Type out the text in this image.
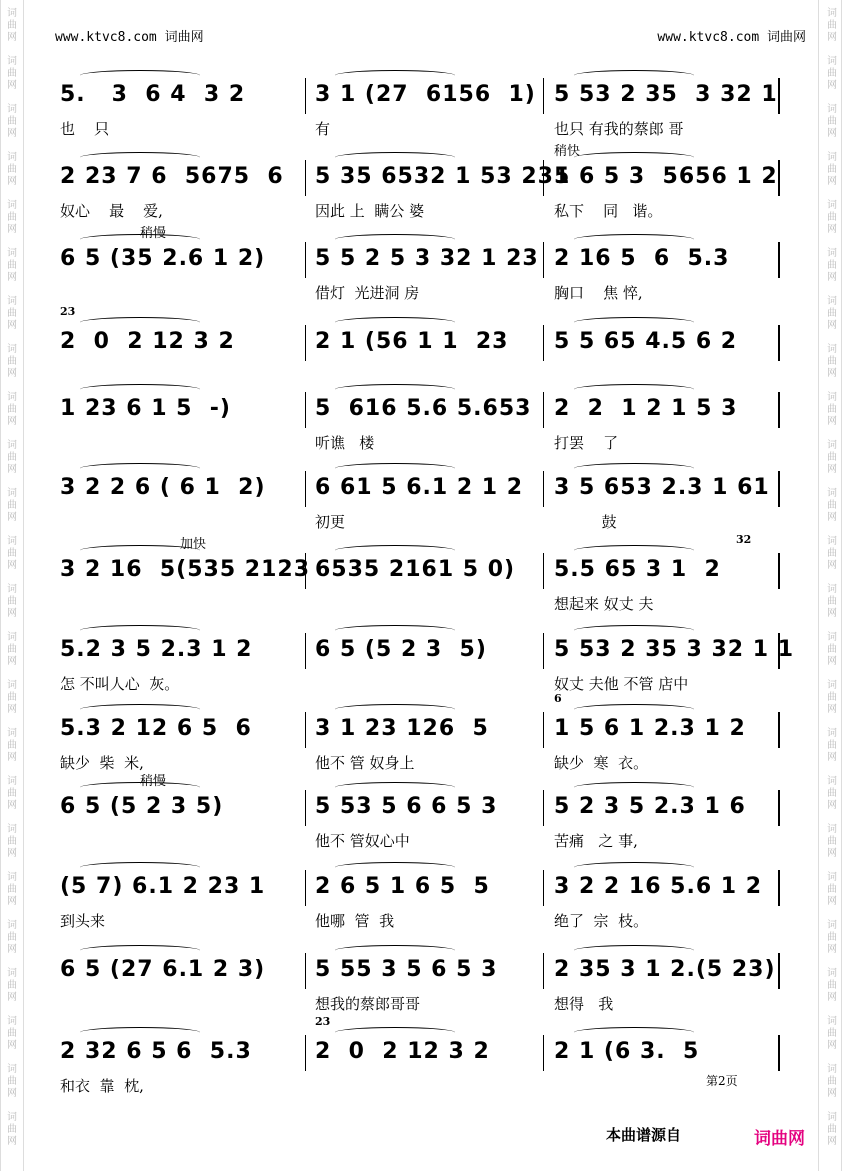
词
曲
网
词
曲
网
词
曲
网
词
曲
网
词
曲
网
词
曲
网
词
曲
网
词
曲
网
词
曲
网
词
曲
网
词
曲
网
词
曲
网
词
曲
网
词
曲
网
词
曲
网
词
曲
网
词
曲
网
词
曲
网
词
曲
网
词
曲
网
词
曲
网
词
曲
网
词
曲
网
词
曲
网
词
曲
网
词
曲
网
词
曲
网
词
曲
网
词
曲
网
词
曲
网
词
曲
网
词
曲
网
词
曲
网
词
曲
网
词
曲
网
词
曲
网
词
曲
网
词
曲
网
词
曲
网
词
曲
网
词
曲
网
词
曲
网
词
曲
网
词
曲
网
词
曲
网
词
曲
网
词
曲
网
词
曲
网
www.ktvc8.com 词曲网	www.ktvc8.com 词曲网
5.   3  6 4  3 2
也    只
3 1 (27  6156  1)
有
5 53 2 35  3 32 1
也只 有我的蔡郎 哥
2 23 7 6  5675  6
奴心    最    爱,
5 35 6532 1 53 231
因此 上  瞒公 婆
5 6 5 3  5656 1 2
私下    同   谐。
稍快
6 5 (35 2.6 1 2) 5 5 2 5 3 32 1 23
借灯  光进洞 房
2 16 5  6  5.3
胸口    焦 悴,
稍慢
2  0  2 12 3 2	2 1 (56 1 1  23 5 5 65 4.5 6 2
23
1 23 6 1 5  -)	5  616 5.6 5.653
听谯   楼
2  2  1 2 1 5 3
打罢    了
3 2 2 6 ( 6 1  2) 6 61 5 6.1 2 1 2
初更
3 5 653 2.3 1 61
鼓
3 2 16  5(535 2123 6535 2161 5 0) 5.5 65 3 1  2
想起来 奴丈 夫
加快	32
5.2 3 5 2.3 1 2
怎 不叫人心  灰。
6 5 (5 2 3  5)	5 53 2 35 3 32 1 1
奴丈 夫他 不管 店中
5.3 2 12 6 5  6
缺少  柴  米,
3 1 23 126  5
他不 管 奴身上
1 5 6 1 2.3 1 2
缺少  寒  衣。
6
6 5 (5 2 3 5)	5 53 5 6 6 5 3
他不 管奴心中
5 2 3 5 2.3 1 6
苦痛   之 事,
稍慢
(5 7) 6.1 2 23 1
到头来
2 6 5 1 6 5  5
他哪  管  我
3 2 2 16 5.6 1 2
绝了  宗  枝。
6 5 (27 6.1 2 3) 5 55 3 5 6 5 3
想我的蔡郎哥哥
2 35 3 1 2.(5 23)
想得   我
2 32 6 5 6  5.3
和衣  靠  枕,
2  0  2 12 3 2	2 1 (6 3.  5
23
第2页
本曲谱源自	词曲网
